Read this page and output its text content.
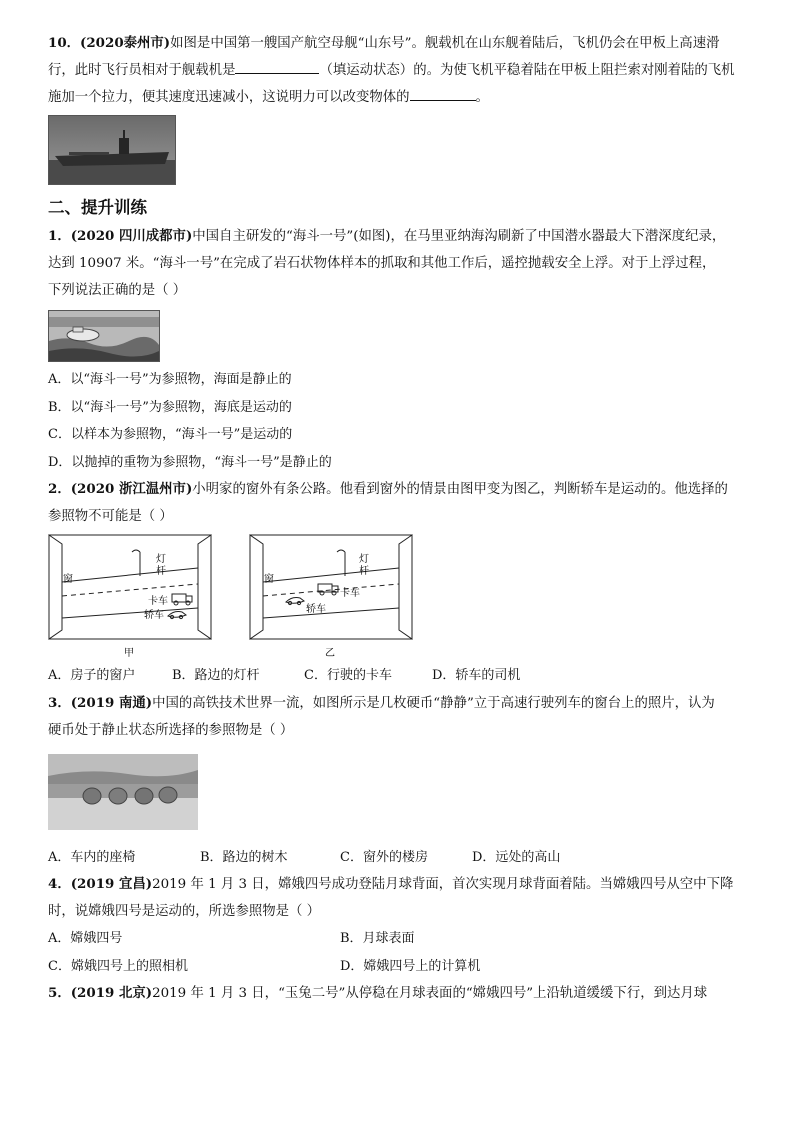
10．(2020泰州市)如图是中国第一艘国产航空母舰“山东号”。舰载机在山东舰着陆后，飞机仍会在甲板上高速滑

行，此时飞行员相对于舰载机是	（填运动状态）的。为使飞机平稳着陆在甲板上阻拦索对刚着陆的飞机

施加一个拉力，便其速度迅速减小，这说明力可以改变物体的	。

二、提升训练

1．(2020 四川成都市)中国自主研发的“海斗一号”(如图)，在马里亚纳海沟刷新了中国潜水器最大下潜深度纪录，

达到 10907 米。“海斗一号”在完成了岩石状物体样本的抓取和其他工作后，遥控抛载安全上浮。对于上浮过程，

下列说法正确的是（ ）

A．以“海斗一号”为参照物，海面是静止的
B．以“海斗一号”为参照物，海底是运动的
C．以样本为参照物，“海斗一号”是运动的
D．以抛掉的重物为参照物，“海斗一号”是静止的

2．(2020 浙江温州市)小明家的窗外有条公路。他看到窗外的情景由图甲变为图乙，判断轿车是运动的。他选择的

参照物不可能是（ ）

窗
灯
杆
卡车
轿车
甲
窗
灯
杆
卡车
轿车
乙
A．房子的窗户	B．路边的灯杆	C．行驶的卡车	D．轿车的司机

3．(2019 南通)中国的高铁技术世界一流，如图所示是几枚硬币“静静”立于高速行驶列车的窗台上的照片，认为

硬币处于静止状态所选择的参照物是（ ）

A．车内的座椅	B．路边的树木	C．窗外的楼房	D．远处的高山

4．(2019 宜昌)2019 年 1 月 3 日，嫦娥四号成功登陆月球背面，首次实现月球背面着陆。当嫦娥四号从空中下降

时，说嫦娥四号是运动的，所选参照物是（ ）

A．嫦娥四号	B．月球表面
C．嫦娥四号上的照相机	D．嫦娥四号上的计算机

5．(2019 北京)2019 年 1 月 3 日，“玉兔二号”从停稳在月球表面的“嫦娥四号”上沿轨道缓缓下行，到达月球
